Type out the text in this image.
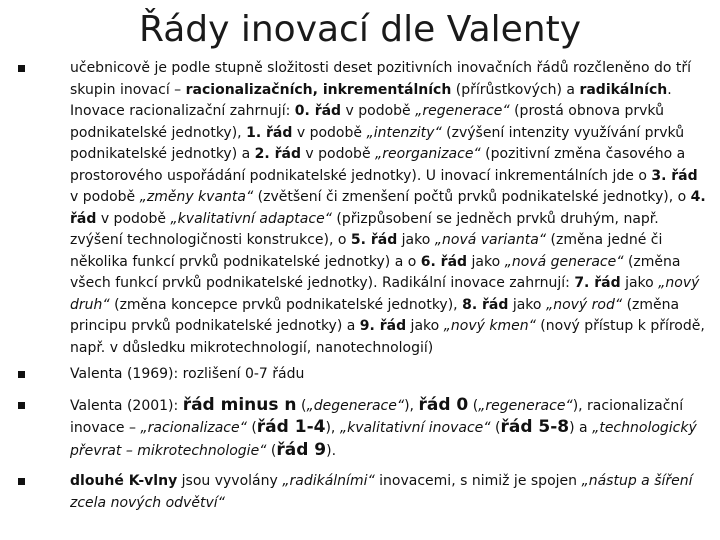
Řády inovací dle Valenty
učebnicově je podle stupně složitosti deset pozitivních inovačních řádů rozčleněno do tří skupin inovací – racionalizačních, inkrementálních (přírůstkových) a radikálních. Inovace racionalizační zahrnují: 0. řád v podobě „regenerace“ (prostá obnova prvků podnikatelské jednotky), 1. řád v podobě „intenzity“ (zvýšení intenzity využívání prvků podnikatelské jednotky) a 2. řád v podobě „reorganizace“ (pozitivní změna časového a prostorového uspořádání podnikatelské jednotky). U inovací inkrementálních jde o 3. řád v podobě „změny kvanta“ (zvětšení či zmenšení počtů prvků podnikatelské jednotky), o 4. řád v podobě „kvalitativní adaptace“ (přizpůsobení se jedněch prvků druhým, např. zvýšení technologičnosti konstrukce), o 5. řád jako „nová varianta“ (změna jedné či několika funkcí prvků podnikatelské jednotky) a o 6. řád jako „nová generace“ (změna všech funkcí prvků podnikatelské jednotky). Radikální inovace zahrnují: 7. řád jako „nový druh“ (změna koncepce prvků podnikatelské jednotky), 8. řád jako „nový rod“ (změna principu prvků podnikatelské jednotky) a 9. řád jako „nový kmen“ (nový přístup k přírodě, např. v důsledku mikrotechnologií, nanotechnologií)
Valenta (1969): rozlišení 0-7 řádu
Valenta (2001): řád minus n („degenerace“), řád 0 („regenerace“), racionalizační inovace – „racionalizace“ (řád 1-4), „kvalitativní inovace“ (řád 5-8) a „technologický převrat – mikrotechnologie“ (řád 9).
dlouhé K-vlny jsou vyvolány „radikálními“ inovacemi, s nimiž je spojen „nástup a šíření zcela nových odvětví“
